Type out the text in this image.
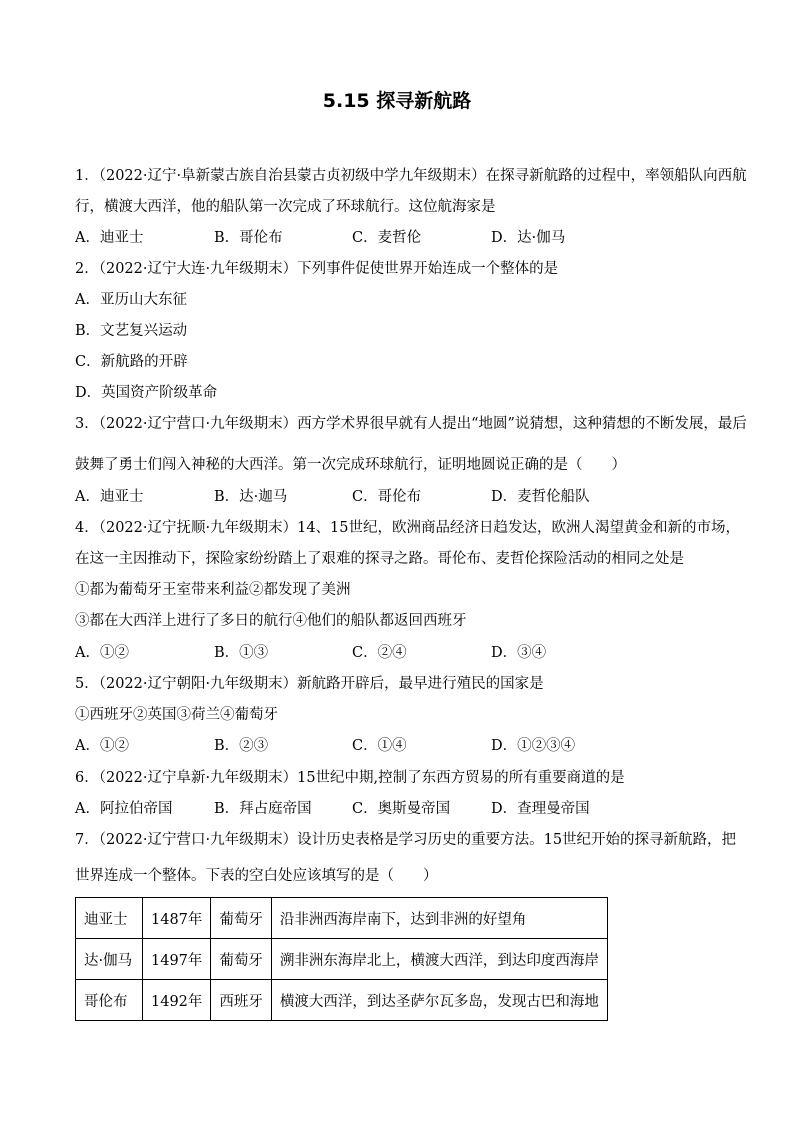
5.15 探寻新航路
1．（2022·辽宁·阜新蒙古族自治县蒙古贞初级中学九年级期末）在探寻新航路的过程中，率领船队向西航
行，横渡大西洋，他的船队第一次完成了环球航行。这位航海家是
A．迪亚士	B．哥伦布	C．麦哲伦	D．达·伽马
2．（2022·辽宁大连·九年级期末）下列事件促使世界开始连成一个整体的是
A．亚历山大东征
B．文艺复兴运动
C．新航路的开辟
D．英国资产阶级革命
3．（2022·辽宁营口·九年级期末）西方学术界很早就有人提出“地圆”说猜想，这种猜想的不断发展，最后
鼓舞了勇士们闯入神秘的大西洋。第一次完成环球航行，证明地圆说正确的是（　　）
A．迪亚士	B．达·迦马	C．哥伦布	D．麦哲伦船队
4．（2022·辽宁抚顺·九年级期末）14、15世纪，欧洲商品经济日趋发达，欧洲人渴望黄金和新的市场，
在这一主因推动下，探险家纷纷踏上了艰难的探寻之路。哥伦布、麦哲伦探险活动的相同之处是
①都为葡萄牙王室带来利益②都发现了美洲
③都在大西洋上进行了多日的航行④他们的船队都返回西班牙
A．①②	B．①③	C．②④	D．③④
5．（2022·辽宁朝阳·九年级期末）新航路开辟后，最早进行殖民的国家是
①西班牙②英国③荷兰④葡萄牙
A．①②	B．②③	C．①④	D．①②③④
6．（2022·辽宁阜新·九年级期末）15世纪中期,控制了东西方贸易的所有重要商道的是
A．阿拉伯帝国	B．拜占庭帝国	C．奥斯曼帝国	D．查理曼帝国
7．（2022·辽宁营口·九年级期末）设计历史表格是学习历史的重要方法。15世纪开始的探寻新航路，把
世界连成一个整体。下表的空白处应该填写的是（　　）
迪亚士	1487年	葡萄牙	沿非洲西海岸南下，达到非洲的好望角
达·伽马	1497年	葡萄牙	溯非洲东海岸北上，横渡大西洋，到达印度西海岸
哥伦布	1492年	西班牙	横渡大西洋，到达圣萨尔瓦多岛，发现古巴和海地
